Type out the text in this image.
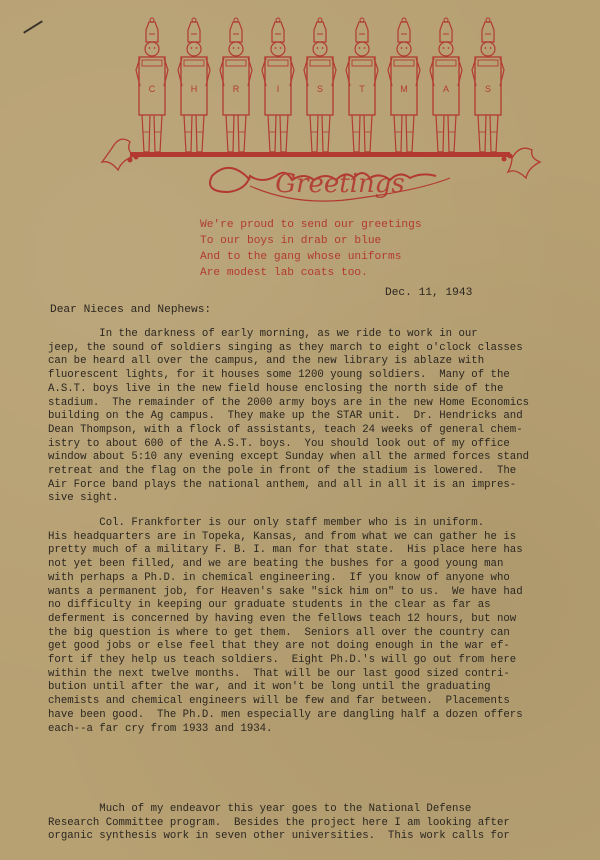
C	H	R	I	S	T	M	A	S
Greetings
We're proud to send our greetings
To our boys in drab or blue
And to the gang whose uniforms
Are modest lab coats too.
Dec. 11, 1943
Dear Nieces and Nephews:
In the darkness of early morning, as we ride to work in our
jeep, the sound of soldiers singing as they march to eight o'clock classes
can be heard all over the campus, and the new library is ablaze with
fluorescent lights, for it houses some 1200 young soldiers.  Many of the
A.S.T. boys live in the new field house enclosing the north side of the
stadium.  The remainder of the 2000 army boys are in the new Home Economics
building on the Ag campus.  They make up the STAR unit.  Dr. Hendricks and
Dean Thompson, with a flock of assistants, teach 24 weeks of general chem-
istry to about 600 of the A.S.T. boys.  You should look out of my office
window about 5:10 any evening except Sunday when all the armed forces stand
retreat and the flag on the pole in front of the stadium is lowered.  The
Air Force band plays the national anthem, and all in all it is an impres-
sive sight.
Col. Frankforter is our only staff member who is in uniform.
His headquarters are in Topeka, Kansas, and from what we can gather he is
pretty much of a military F. B. I. man for that state.  His place here has
not yet been filled, and we are beating the bushes for a good young man
with perhaps a Ph.D. in chemical engineering.  If you know of anyone who
wants a permanent job, for Heaven's sake "sick him on" to us.  We have had
no difficulty in keeping our graduate students in the clear as far as
deferment is concerned by having even the fellows teach 12 hours, but now
the big question is where to get them.  Seniors all over the country can
get good jobs or else feel that they are not doing enough in the war ef-
fort if they help us teach soldiers.  Eight Ph.D.'s will go out from here
within the next twelve months.  That will be our last good sized contri-
bution until after the war, and it won't be long until the graduating
chemists and chemical engineers will be few and far between.  Placements
have been good.  The Ph.D. men especially are dangling half a dozen offers
each--a far cry from 1933 and 1934.
Much of my endeavor this year goes to the National Defense
Research Committee program.  Besides the project here I am looking after
organic synthesis work in seven other universities.  This work calls for
